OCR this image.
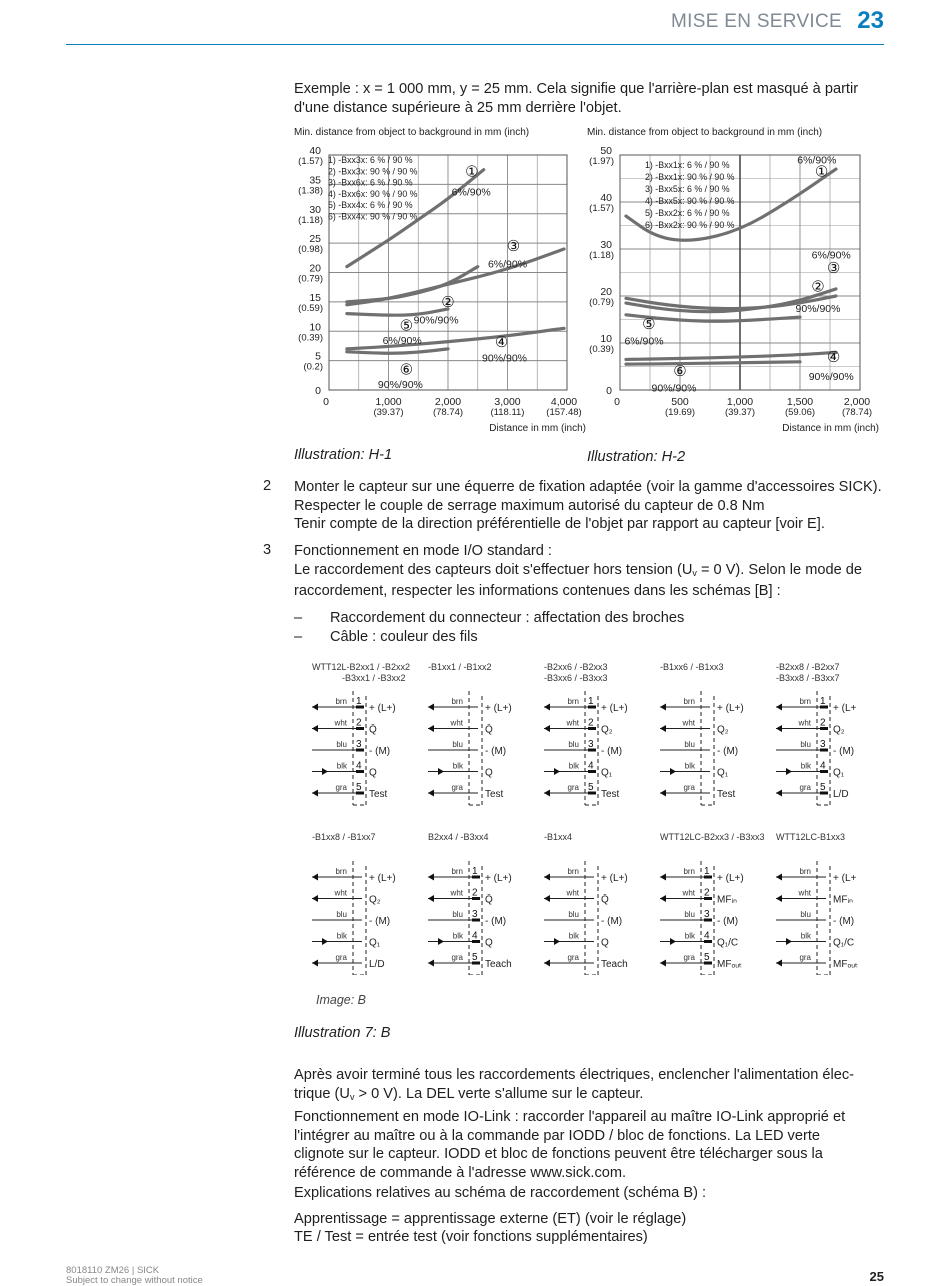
MISE EN SERVICE 23
Exemple : x = 1 000 mm, y = 25 mm. Cela signifie que l'arrière-plan est masqué à partir d'une distance supérieure à 25 mm derrière l'objet.
Min. distance from object to background in mm (inch)
40
(1.57)
35
(1.38)
30
(1.18)
25
(0.98)
20
(0.79)
15
(0.59)
10
(0.39)
5
(0.2)
0
0	1,000
(39.37)
2,000
(78.74)
3,000
(118.11)
4,000
(157.48)
Distance in mm (inch)
1) -Bxx3x: 6 % / 90 %
2) -Bxx3x: 90 % / 90 %
3) -Bxx6x: 6 % / 90 %
4) -Bxx6x: 90 % / 90 %
5) -Bxx4x: 6 % / 90 %
6) -Bxx4x: 90 % / 90 %
①
6%/90%
②
90%/90%
③
6%/90%
④
90%/90%
⑤
6%/90%
⑥
90%/90%
Min. distance from object to background in mm (inch)
50
(1.97)
40
(1.57)
30
(1.18)
20
(0.79)
10
(0.39)
0
0	500
(19.69)
1,000
(39.37)
1,500
(59.06)
2,000
(78.74)
Distance in mm (inch)
1) -Bxx1x: 6 % / 90 %
2) -Bxx1x: 90 % / 90 %
3) -Bxx5x: 6 % / 90 %
4) -Bxx5x: 90 % / 90 %
5) -Bxx2x: 6 % / 90 %
6) -Bxx2x: 90 % / 90 %
①
6%/90%
②
90%/90%
③
6%/90%
④
90%/90%
⑤
6%/90%
⑥
90%/90%
Illustration: H-1	Illustration: H-2
2 Monter le capteur sur une équerre de fixation adaptée (voir la gamme d'accessoires SICK).
Respecter le couple de serrage maximum autorisé du capteur de 0.8 Nm
Tenir compte de la direction préférentielle de l'objet par rapport au capteur [voir E].
3 Fonctionnement en mode I/O standard :
Le raccordement des capteurs doit s'effectuer hors tension ($U_v = 0$ V). Selon le mode de raccordement, respecter les informations contenues dans les schémas [B] :
– Raccordement du connecteur : affectation des broches
– Câble : couleur des fils
WTT12L-B2xx1 / -B2xx2
-B3xx1 / -B3xx2
brn 1
+ (L+)
wht 2
Q̄
blu 3
- (M)
blk 4
Q
gra 5
Test
-B1xx1 / -B1xx2
brn
+ (L+)
wht
Q̄
blu
- (M)
blk
Q
gra
Test
-B2xx6 / -B2xx3
-B3xx6 / -B3xx3
brn 1
+ (L+)
wht 2
Q₂
blu 3
- (M)
blk 4
Q₁
gra 5
Test
-B1xx6 / -B1xx3
brn
+ (L+)
wht
Q₂
blu
- (M)
blk
Q₁
gra
Test
-B2xx8 / -B2xx7
-B3xx8 / -B3xx7
brn 1
+ (L+
wht 2
Q₂
blu 3
- (M)
blk 4
Q₁
gra 5
L/D
-B1xx8 / -B1xx7
brn
+ (L+)
wht
Q₂
blu
- (M)
blk
Q₁
gra
L/D
B2xx4 / -B3xx4
brn 1
+ (L+)
wht 2
Q̄
blu 3
- (M)
blk 4
Q
gra 5
Teach
-B1xx4
brn
+ (L+)
wht
Q̄
blu
- (M)
blk
Q
gra
Teach
WTT12LC-B2xx3 / -B3xx3
brn 1
+ (L+)
wht 2
MFᵢₙ
blu 3
- (M)
blk 4
Q₁/C
gra 5
MFₒᵤₜ
WTT12LC-B1xx3
brn
+ (L+
wht
MFᵢₙ
blu
- (M)
blk
Q₁/C
gra
MFₒᵤₜ
Image: B
Illustration 7: B
Après avoir terminé tous les raccordements électriques, enclencher l'alimentation élec-
trique ($U_v > 0$ V). La DEL verte s'allume sur le capteur.
Fonctionnement en mode IO-Link : raccorder l'appareil au maître IO-Link approprié et l'intégrer au maître ou à la commande par IODD / bloc de fonctions. La LED verte clignote sur le capteur. IODD et bloc de fonctions peuvent être télécharger sous la référence de commande à l'adresse www.sick.com.
Explications relatives au schéma de raccordement (schéma B) :
Apprentissage = apprentissage externe (ET) (voir le réglage)
TE / Test = entrée test (voir fonctions supplémentaires)
8018110 ZM26 | SICK
Subject to change without notice	25
